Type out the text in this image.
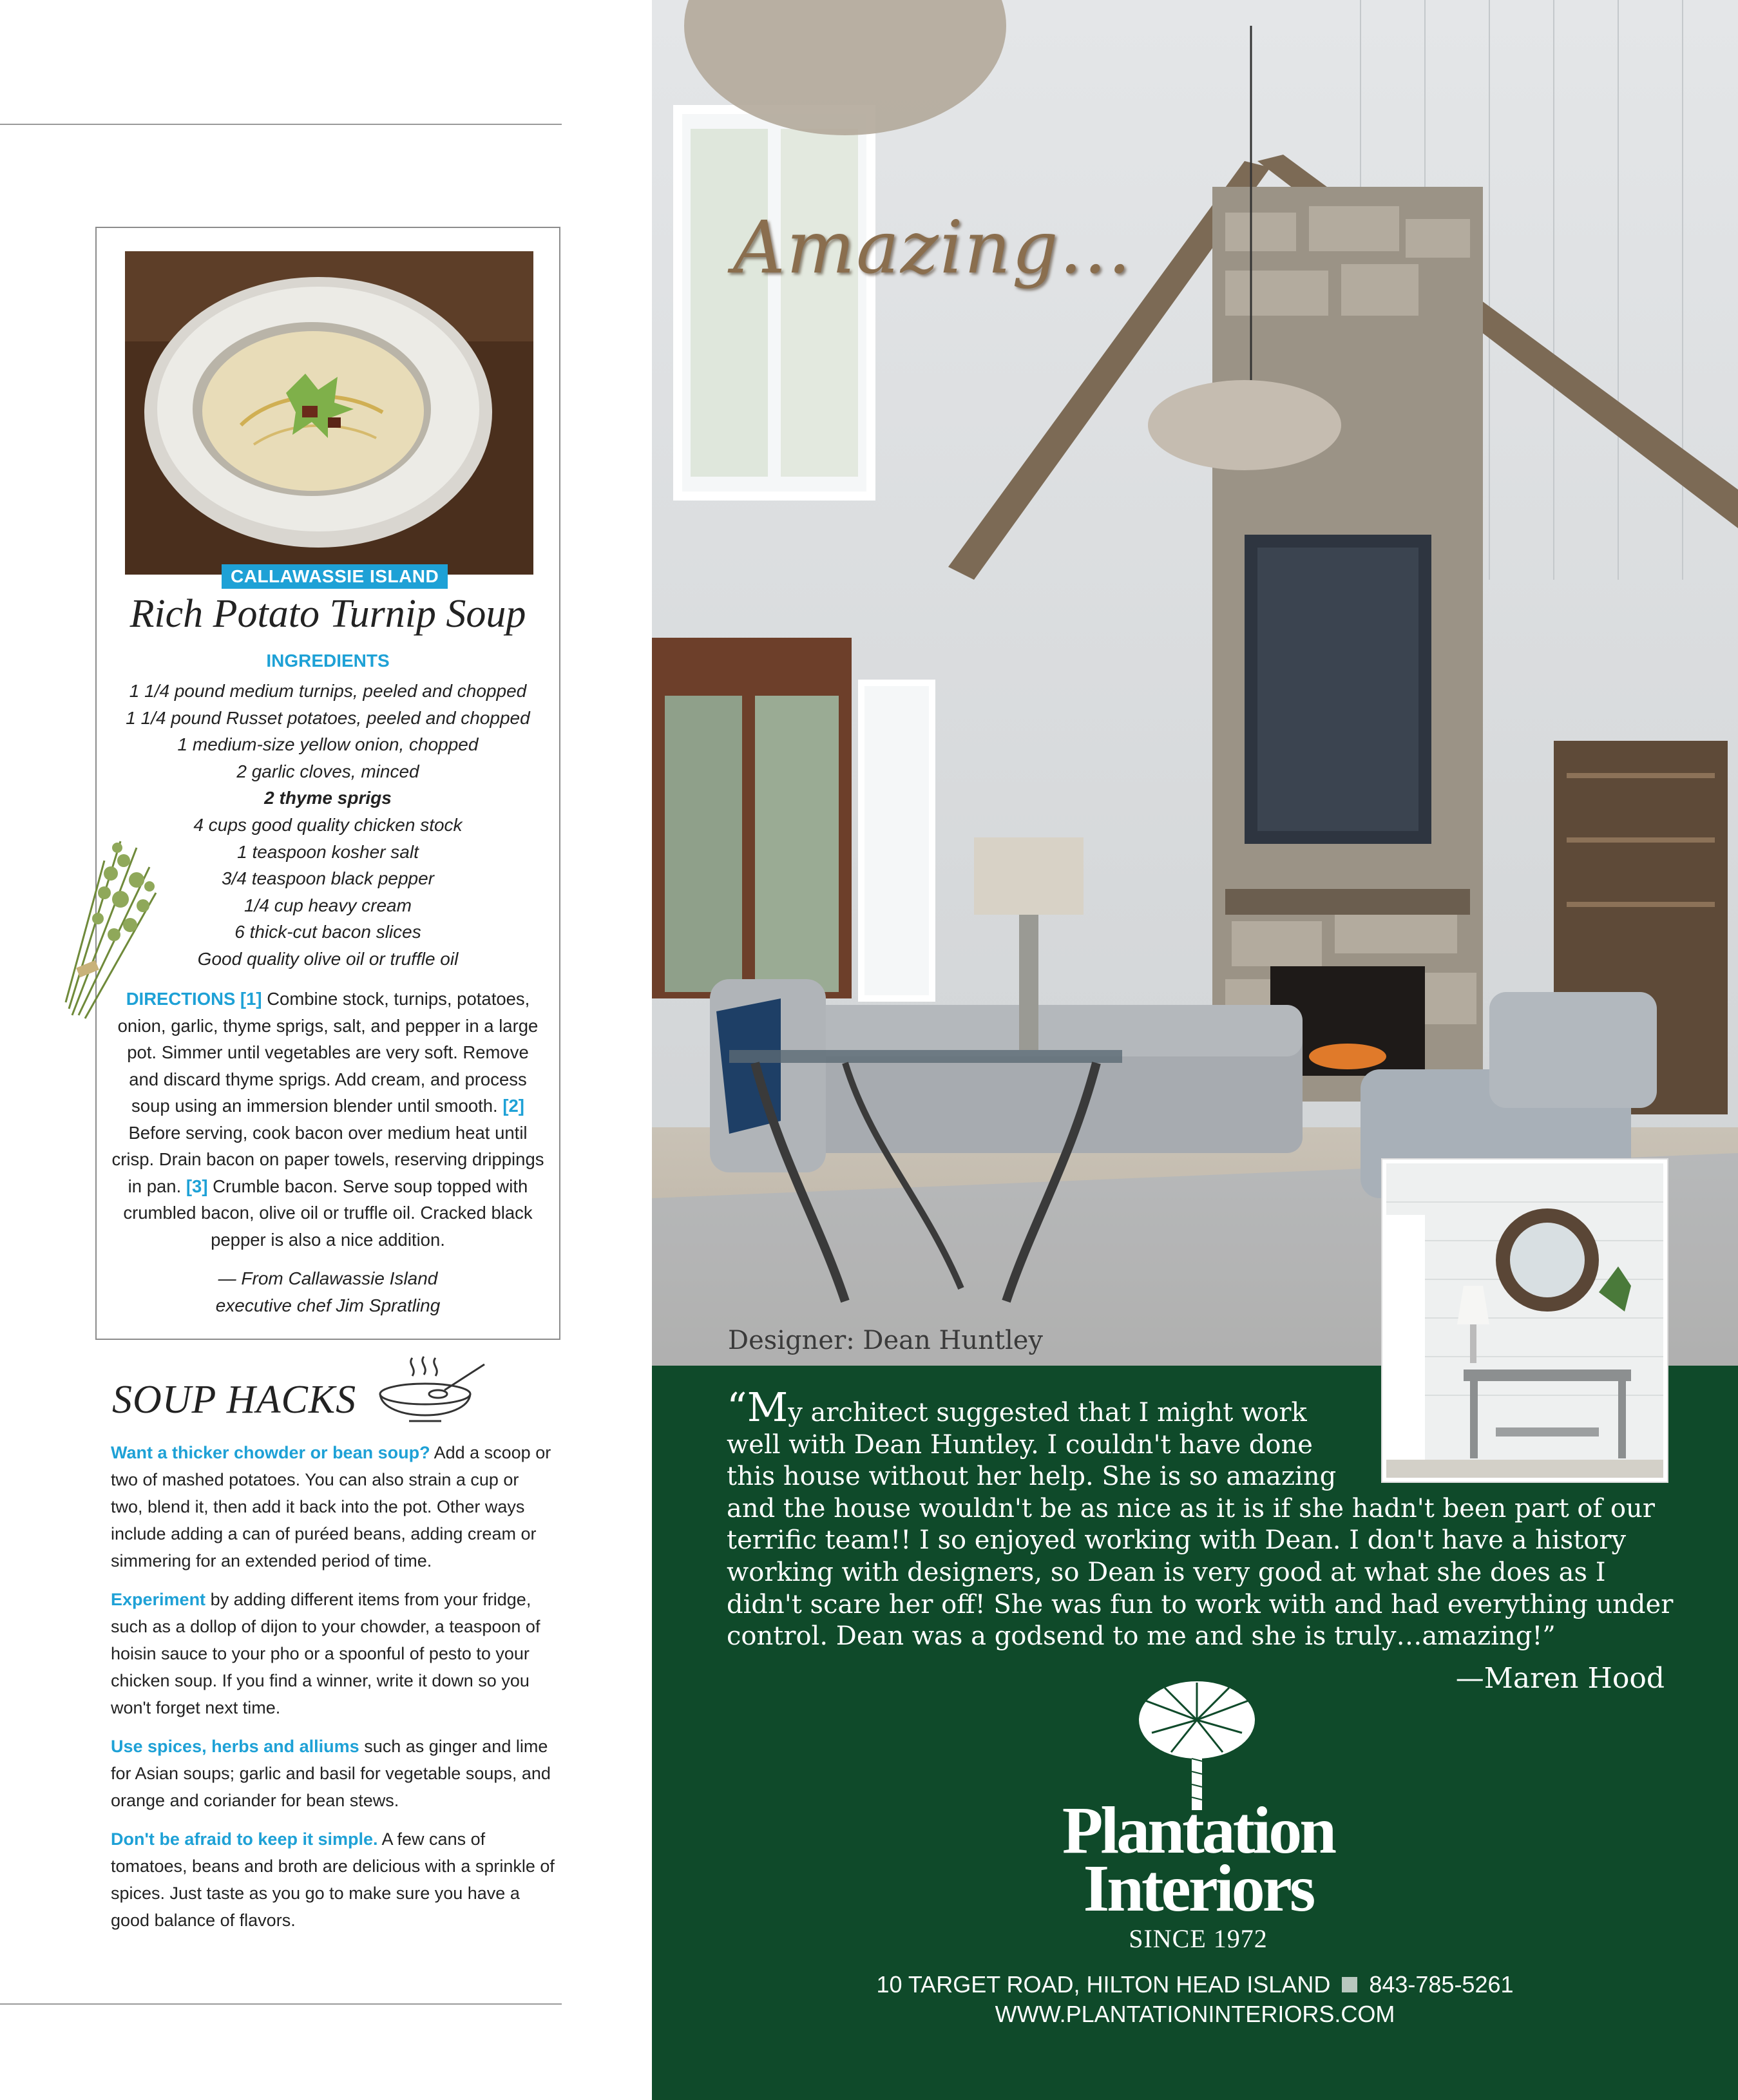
CALLAWASSIE ISLAND
Rich Potato Turnip Soup
INGREDIENTS
1 1/4 pound medium turnips, peeled and chopped
1 1/4 pound Russet potatoes, peeled and chopped
1 medium-size yellow onion, chopped
2 garlic cloves, minced
2 thyme sprigs
4 cups good quality chicken stock
1 teaspoon kosher salt
3/4 teaspoon black pepper
1/4 cup heavy cream
6 thick-cut bacon slices
Good quality olive oil or truffle oil
DIRECTIONS [1] Combine stock, turnips, potatoes, onion, garlic, thyme sprigs, salt, and pepper in a large pot. Simmer until vegetables are very soft. Remove and discard thyme sprigs. Add cream, and process soup using an immersion blender until smooth. [2] Before serving, cook bacon over medium heat until crisp. Drain bacon on paper towels, reserving drippings in pan. [3] Crumble bacon. Serve soup topped with crumbled bacon, olive oil or truffle oil. Cracked black pepper is also a nice addition.
— From Callawassie Island
executive chef Jim Spratling
SOUP HACKS
Want a thicker chowder or bean soup? Add a scoop or two of mashed potatoes. You can also strain a cup or two, blend it, then add it back into the pot. Other ways include adding a can of puréed beans, adding cream or simmering for an extended period of time.
Experiment by adding different items from your fridge, such as a dollop of dijon to your chowder, a teaspoon of hoisin sauce to your pho or a spoonful of pesto to your chicken soup. If you find a winner, write it down so you won't forget next time.
Use spices, herbs and alliums such as ginger and lime for Asian soups; garlic and basil for vegetable soups, and orange and coriander for bean stews.
Don't be afraid to keep it simple. A few cans of tomatoes, beans and broth are delicious with a sprinkle of spices. Just taste as you go to make sure you have a good balance of flavors.
Amazing...
Designer: Dean Huntley
“My architect suggested that I might work
well with Dean Huntley. I couldn't have done
this house without her help. She is so amazing
and the house wouldn't be as nice as it is if she hadn't been part of our
terrific team!! I so enjoyed working with Dean. I don't have a history
working with designers, so Dean is very good at what she does as I
didn't scare her off! She was fun to work with and had everything under
control. Dean was a godsend to me and she is truly…amazing!”
—Maren Hood
Plantation
Interiors
SINCE 1972
10 TARGET ROAD, HILTON HEAD ISLAND 843-785-5261
WWW.PLANTATIONINTERIORS.COM
